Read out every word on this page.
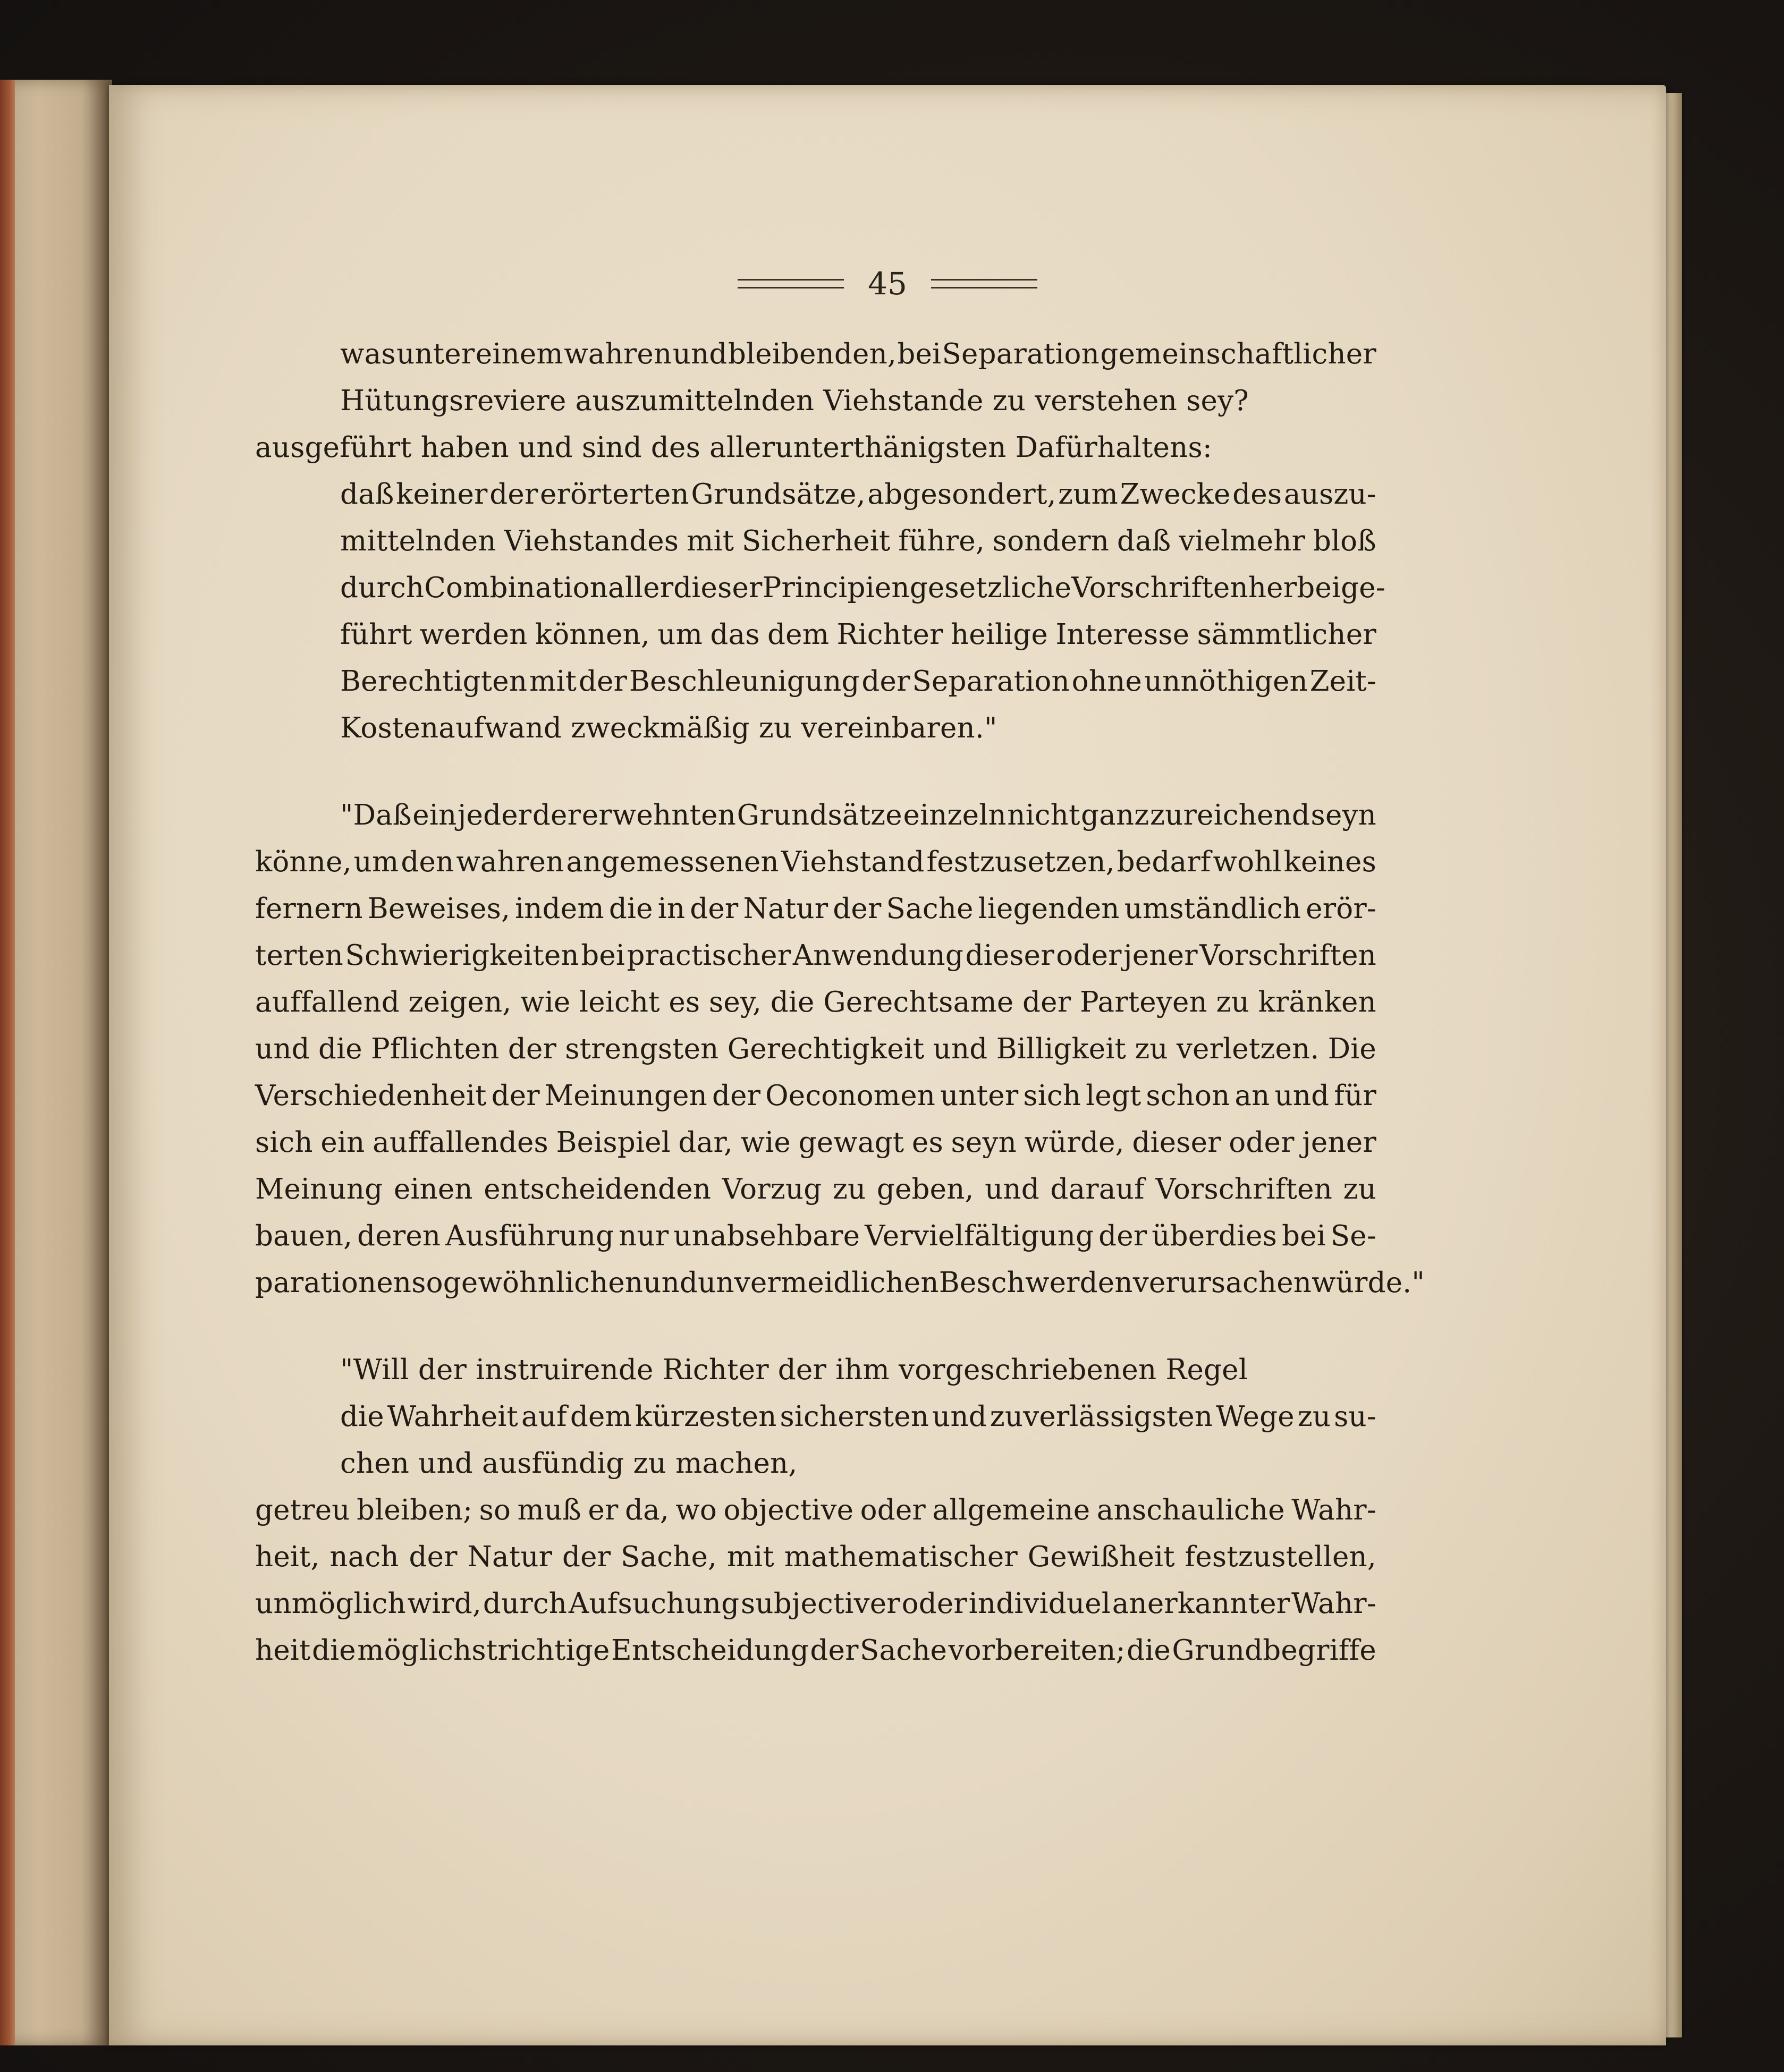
45
was unter einem wahren und bleibenden, bei Separation gemeinschaftlicher
Hütungsreviere auszumittelnden Viehstande zu verstehen sey?
ausgeführt haben und sind des allerunterthänigsten Dafürhaltens:
daß keiner der erörterten Grundsätze, abgesondert, zum Zwecke des auszu-
mittelnden Viehstandes mit Sicherheit führe, sondern daß vielmehr bloß
durch Combination aller dieser Principien gesetzliche Vorschriften herbeige-
führt werden können, um das dem Richter heilige Interesse sämmtlicher
Berechtigten mit der Beschleunigung der Separation ohne unnöthigen Zeit-
Kostenaufwand zweckmäßig zu vereinbaren."
"Daß ein jeder der erwehnten Grundsätze einzeln nicht ganz zureichend seyn
könne, um den wahren angemessenen Viehstand festzusetzen, bedarf wohl keines
fernern Beweises, indem die in der Natur der Sache liegenden umständlich erör-
terten Schwierigkeiten bei practischer Anwendung dieser oder jener Vorschriften
auffallend zeigen, wie leicht es sey, die Gerechtsame der Parteyen zu kränken
und die Pflichten der strengsten Gerechtigkeit und Billigkeit zu verletzen. Die
Verschiedenheit der Meinungen der Oeconomen unter sich legt schon an und für
sich ein auffallendes Beispiel dar, wie gewagt es seyn würde, dieser oder jener
Meinung einen entscheidenden Vorzug zu geben, und darauf Vorschriften zu
bauen, deren Ausführung nur unabsehbare Vervielfältigung der überdies bei Se-
parationen so gewöhnlichen und unvermeidlichen Beschwerden verursachen würde."
"Will der instruirende Richter der ihm vorgeschriebenen Regel
die Wahrheit auf dem kürzesten sichersten und zuverlässigsten Wege zu su-
chen und ausfündig zu machen,
getreu bleiben; so muß er da, wo objective oder allgemeine anschauliche Wahr-
heit, nach der Natur der Sache, mit mathematischer Gewißheit festzustellen,
unmöglich wird, durch Aufsuchung subjectiver oder individuel anerkannter Wahr-
heit die möglichstrichtige Entscheidung der Sache vorbereiten; die Grundbegriffe
